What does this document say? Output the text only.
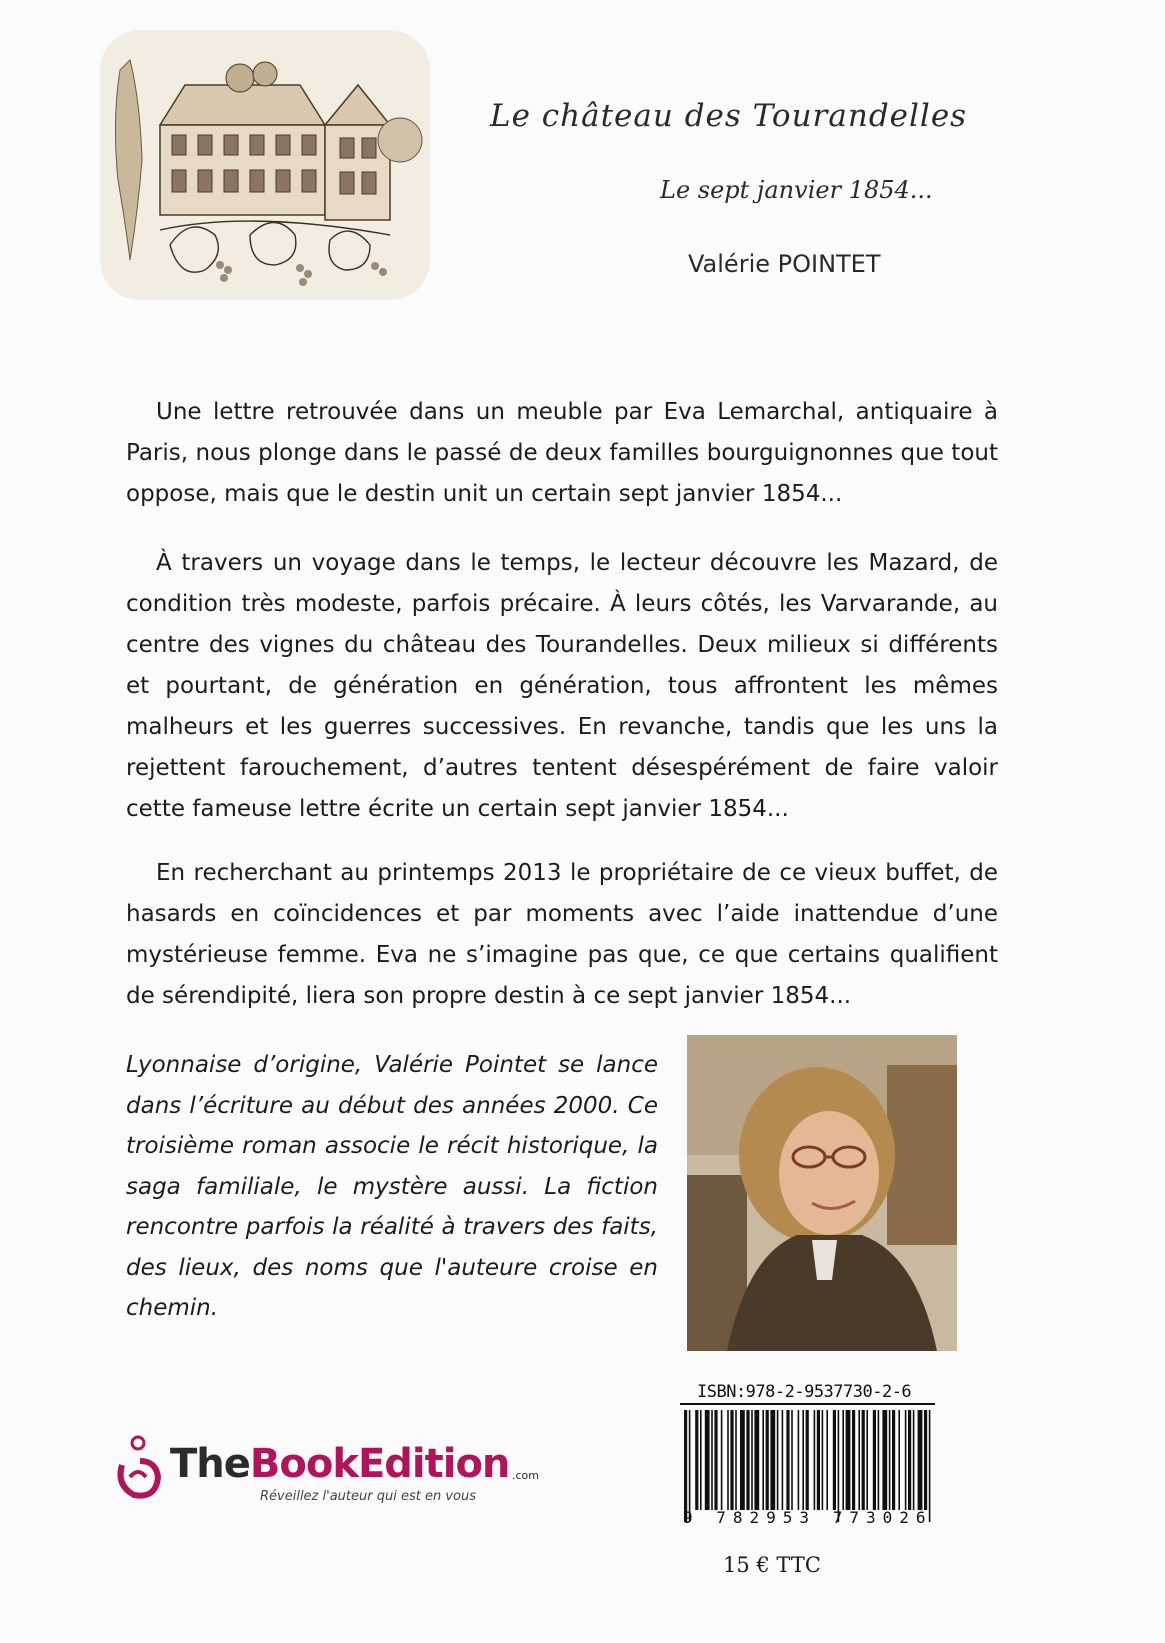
Le château des Tourandelles
Le sept janvier 1854...
Valérie POINTET

Une lettre retrouvée dans un meuble par Eva Lemarchal, antiquaire à Paris, nous plonge dans le passé de deux familles bourguignonnes que tout oppose, mais que le destin unit un certain sept janvier 1854...

À travers un voyage dans le temps, le lecteur découvre les Mazard, de condition très modeste, parfois précaire. À leurs côtés, les Varvarande, au centre des vignes du château des Tourandelles. Deux milieux si différents et pourtant, de génération en génération, tous affrontent les mêmes malheurs et les guerres successives. En revanche, tandis que les uns la rejettent farouchement, d’autres tentent désespérément de faire valoir cette fameuse lettre écrite un certain sept janvier 1854...

En recherchant au printemps 2013 le propriétaire de ce vieux buffet, de hasards en coïncidences et par moments avec l’aide inattendue d’une mystérieuse femme. Eva ne s’imagine pas que, ce que certains qualifient de sérendipité, liera son propre destin à ce sept janvier 1854...

Lyonnaise d’origine, Valérie Pointet se lance dans l’écriture au début des années 2000. Ce troisième roman associe le récit historique, la saga familiale, le mystère aussi. La fiction rencontre parfois la réalité à travers des faits, des lieux, des noms que l'auteure croise en chemin.

TheBookEdition .com
Réveillez l'auteur qui est en vous
ISBN:978-2-9537730-2-6
9 782953 773026
15 € TTC
